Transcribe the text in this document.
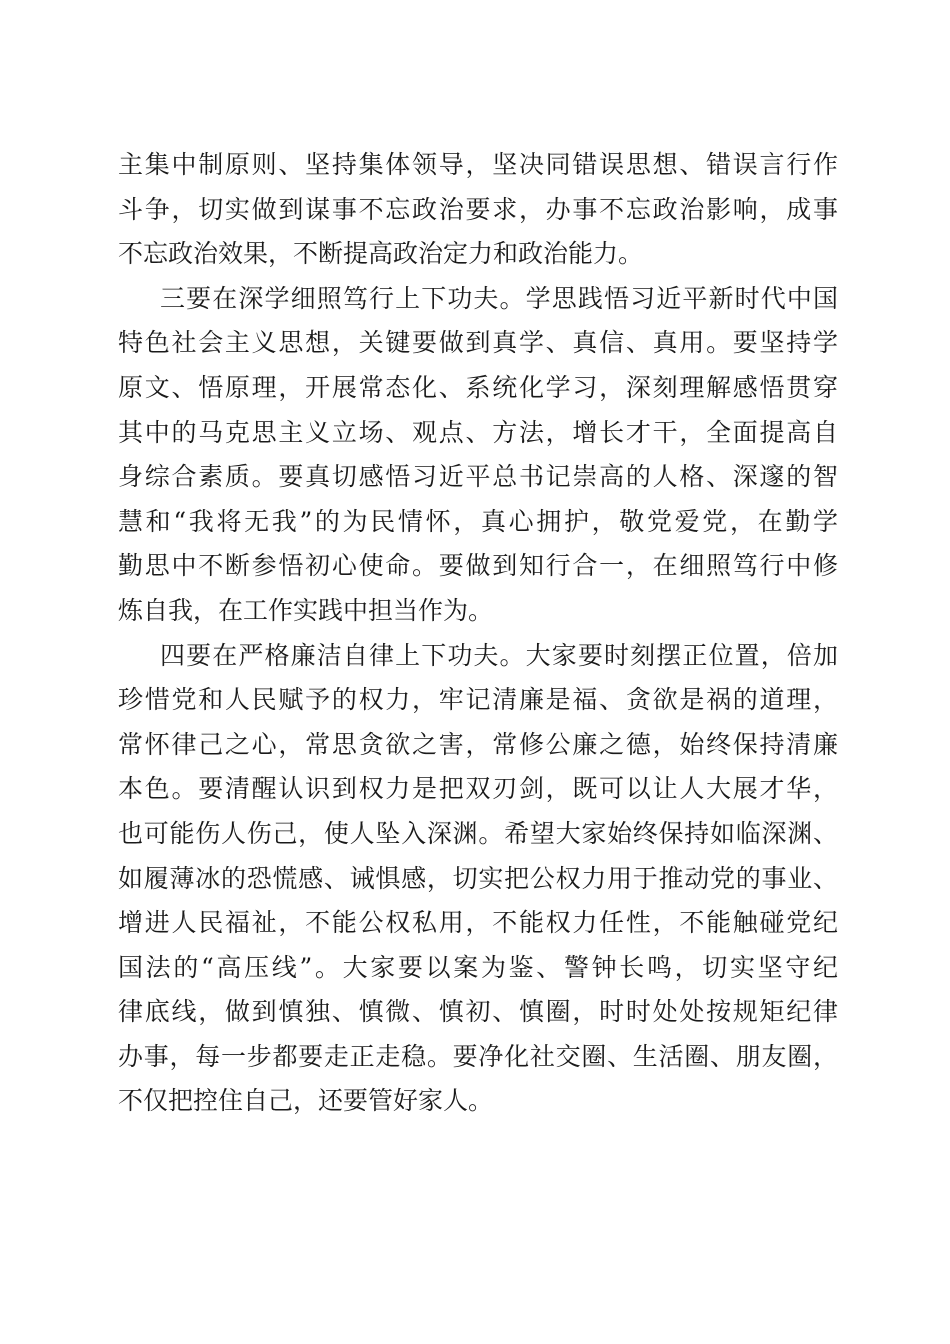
主集中制原则、坚持集体领导，坚决同错误思想、错误言行作
斗争，切实做到谋事不忘政治要求，办事不忘政治影响，成事
不忘政治效果，不断提高政治定力和政治能力。
三要在深学细照笃行上下功夫。学思践悟习近平新时代中国
特色社会主义思想，关键要做到真学、真信、真用。要坚持学
原文、悟原理，开展常态化、系统化学习，深刻理解感悟贯穿
其中的马克思主义立场、观点、方法，增长才干，全面提高自
身综合素质。要真切感悟习近平总书记崇高的人格、深邃的智
慧和“我将无我”的为民情怀，真心拥护，敬党爱党，在勤学
勤思中不断参悟初心使命。要做到知行合一，在细照笃行中修
炼自我，在工作实践中担当作为。
四要在严格廉洁自律上下功夫。大家要时刻摆正位置，倍加
珍惜党和人民赋予的权力，牢记清廉是福、贪欲是祸的道理，
常怀律己之心，常思贪欲之害，常修公廉之德，始终保持清廉
本色。要清醒认识到权力是把双刃剑，既可以让人大展才华，
也可能伤人伤己，使人坠入深渊。希望大家始终保持如临深渊、
如履薄冰的恐慌感、诫惧感，切实把公权力用于推动党的事业、
增进人民福祉，不能公权私用，不能权力任性，不能触碰党纪
国法的“高压线”。大家要以案为鉴、警钟长鸣，切实坚守纪
律底线，做到慎独、慎微、慎初、慎圈，时时处处按规矩纪律
办事，每一步都要走正走稳。要净化社交圈、生活圈、朋友圈，
不仅把控住自己，还要管好家人。
